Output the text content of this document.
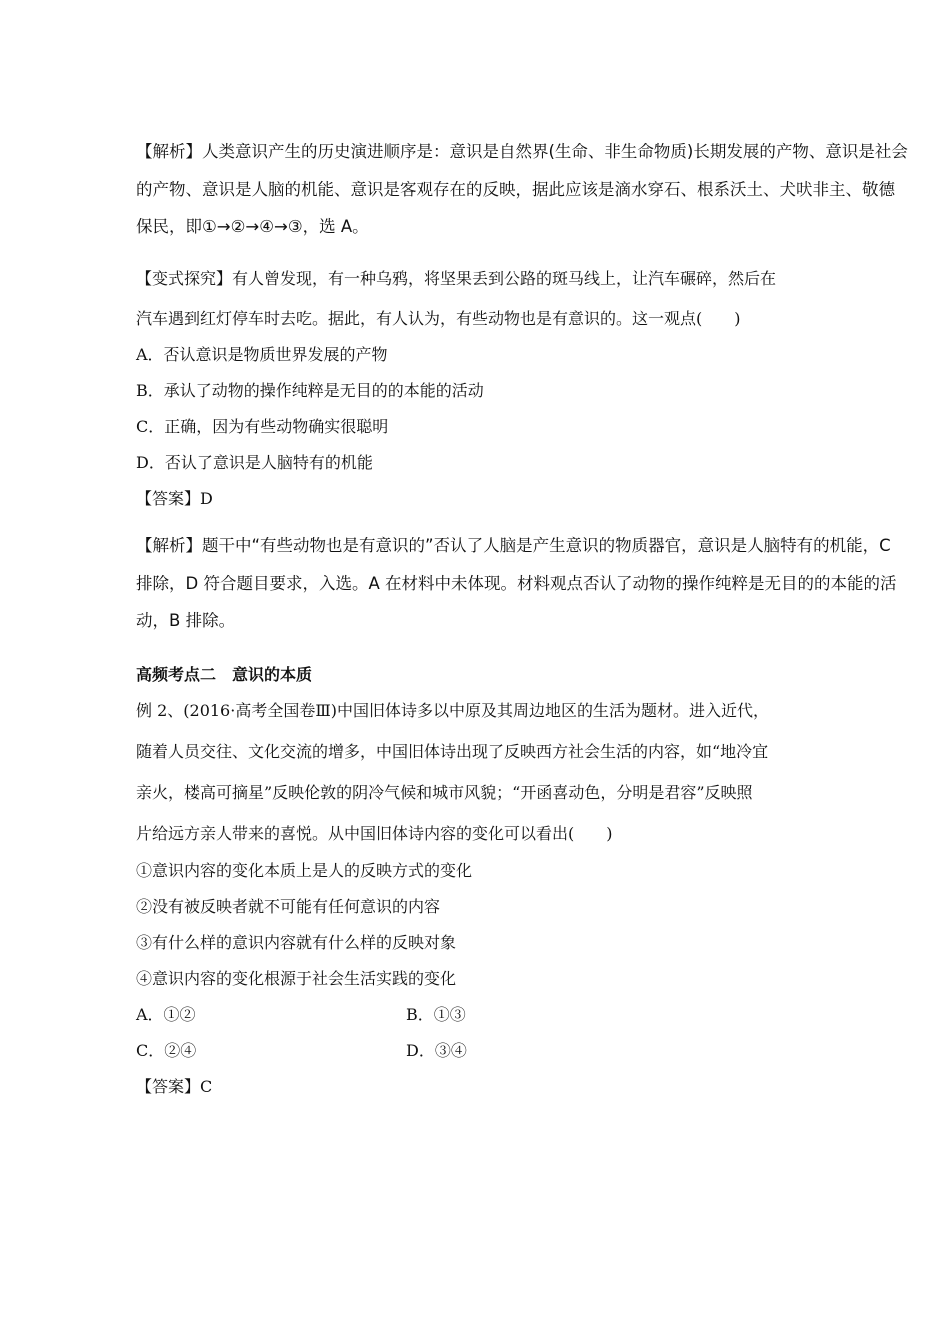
【解析】人类意识产生的历史演进顺序是：意识是自然界(生命、非生命物质)长期发展的产物、意识是社会
的产物、意识是人脑的机能、意识是客观存在的反映，据此应该是滴水穿石、根系沃土、犬吠非主、敬德
保民，即①→②→④→③，选 A。
【变式探究】有人曾发现，有一种乌鸦，将坚果丢到公路的斑马线上，让汽车碾碎，然后在
汽车遇到红灯停车时去吃。据此，有人认为，有些动物也是有意识的。这一观点(　　)
A．否认意识是物质世界发展的产物
B．承认了动物的操作纯粹是无目的的本能的活动
C．正确，因为有些动物确实很聪明
D．否认了意识是人脑特有的机能
【答案】D
【解析】题干中“有些动物也是有意识的”否认了人脑是产生意识的物质器官，意识是人脑特有的机能，C
排除，D 符合题目要求，入选。A 在材料中未体现。材料观点否认了动物的操作纯粹是无目的的本能的活
动，B 排除。
高频考点二　意识的本质
例 2、(2016·高考全国卷Ⅲ)中国旧体诗多以中原及其周边地区的生活为题材。进入近代，
随着人员交往、文化交流的增多，中国旧体诗出现了反映西方社会生活的内容，如“地冷宜
亲火，楼高可摘星”反映伦敦的阴冷气候和城市风貌；“开函喜动色，分明是君容”反映照
片给远方亲人带来的喜悦。从中国旧体诗内容的变化可以看出(　　)
①意识内容的变化本质上是人的反映方式的变化
②没有被反映者就不可能有任何意识的内容
③有什么样的意识内容就有什么样的反映对象
④意识内容的变化根源于社会生活实践的变化
A．①②	B．①③
C．②④	D．③④
【答案】C
